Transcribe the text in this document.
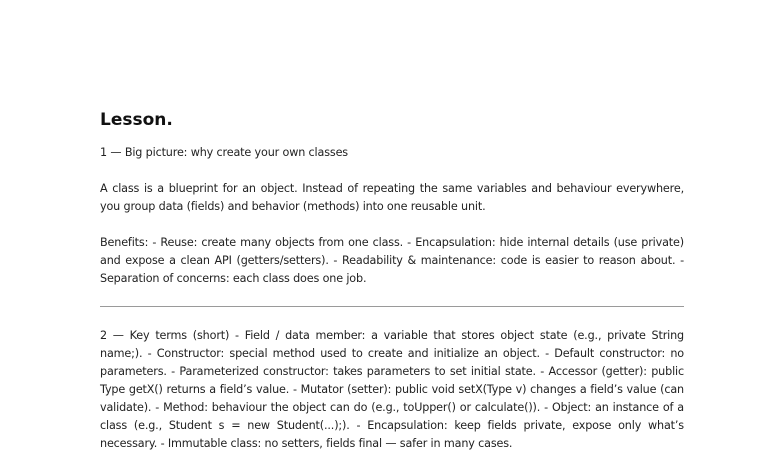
Lesson.

1 — Big picture: why create your own classes

A class is a blueprint for an object. Instead of repeating the same variables and behaviour everywhere, you group data (fields) and behavior (methods) into one reusable unit.

Benefits: - Reuse: create many objects from one class. - Encapsulation: hide internal details (use private) and expose a clean API (getters/setters). - Readability & maintenance: code is easier to reason about. - Separation of concerns: each class does one job.

2 — Key terms (short) - Field / data member: a variable that stores object state (e.g., private String name;). - Constructor: special method used to create and initialize an object. - Default constructor: no parameters. - Parameterized constructor: takes parameters to set initial state. - Accessor (getter): public Type getX() returns a field’s value. - Mutator (setter): public void setX(Type v) changes a field’s value (can validate). - Method: behaviour the object can do (e.g., toUpper() or calculate()). - Object: an instance of a class (e.g., Student s = new Student(...);). - Encapsulation: keep fields private, expose only what’s necessary. - Immutable class: no setters, fields final — safer in many cases.
